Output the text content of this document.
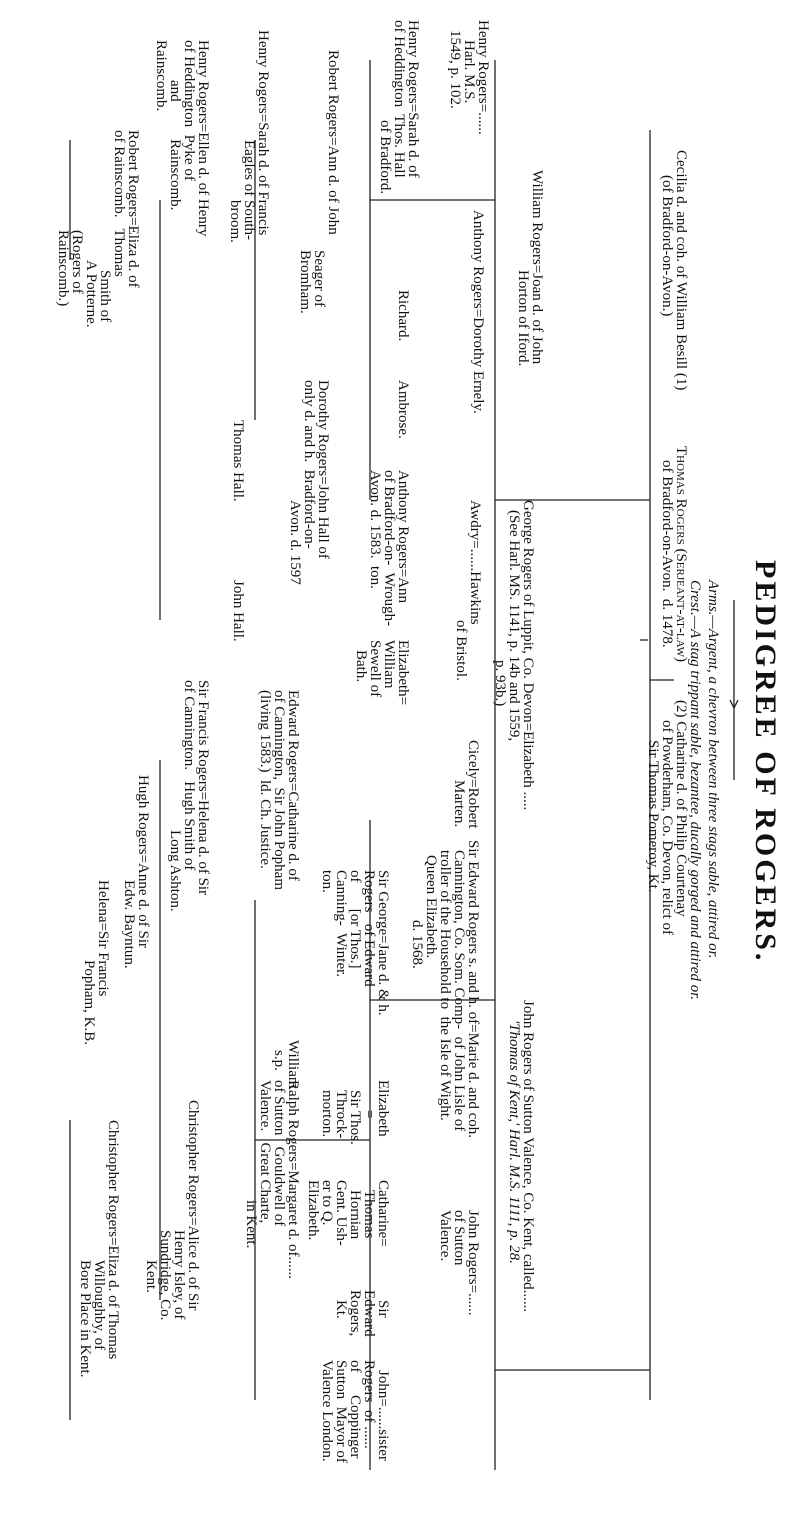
PEDIGREE OF ROGERS.
Arms.—Argent, a chevron between three stags sable, attired or.
Crest.—A stag trippant sable, bezantee, ducally gorged and attired or.
Cecilia d. and coh. of William Besill (1)
(of Bradford-on-Avon.)
Thomas Rogers (Serjeant-at-law)
of Bradford-on-Avon.  d. 1478.
(2) Catharine d. of Philip Courtenay
of Powderham, Co. Devon, relict of
Sir Thomas Pomeroy, Kt.
Henry Rogers=......
Harl. M.S.
1549, p. 102.
William Rogers=Joan d. of John
Horton of Iford.
Anthony Rogers=Dorothy Ernely.
Awdry=......Hawkins
of Bristol.	George Rogers of Luppit, Co. Devon=Elizabeth .....
(See Harl. MS. 1141, p. 14b and 1559,
p. 93b.)
John Rogers of Sutton Valence, Co. Kent, called......
'Thomas of Kent,' Harl. M.S. 1111, p. 28.
Henry Rogers=Sarah d. of
of Heddington  Thos. Hall
of Bradford.
Richard.
Ambrose.
Anthony Rogers=Ann
of Bradford-on-  Wrough-
Avon. d. 1583.  ton.
Elizabeth=
William
Sewell of
Bath.
Cicely=Robert
Marten.
Sir Edward Rogers s. and h. of=Marie d. and coh.
Cannington, Co. Som. Comp-  of John Lisle of
troller of the Household to  the Isle of Wight.
Queen Elizabeth.
d. 1568.
John Rogers=......
of Sutton
Valence.
Robert Rogers=Ann d. of John
Seager of
Bromham.
Dorothy Rogers=John Hall of
only d. and h.  Bradford-on-
Avon. d. 1597
Edward Rogers=Catharine d. of
of Cannington,  Sir John Popham
(living 1583.)  ld. Ch. Justice.
Sir George=Jane d. & h.
Rogers   of Edward
of       [or Thos.]
Canning-  Winter.
ton.
William
s.p.
Elizabeth
=
Sir Thos.
Throck-
morton.
Catharine=
Thomas
Hornian
Gent. Ush-
er to Q.
Elizabeth.
Sir
Edward
Rogers,
Kt.
John=......sister
Rogers  of ......
of      Coppinger
Sutton  Mayor of
Valence London.
Henry Rogers=Sarah d. of Francis
Eagles of South-
broom.
Thomas Hall.
John Hall.
Sir Francis Rogers=Helena d. of Sir
of Cannington.   Hugh Smith of
Long Ashton.
Ralph Rogers=Margaret d. of......
of Sutton   Gouldwell of
Valence.   Great Charte,
in Kent.
Henry Rogers=Ellen d. of Henry
of Heddington  Pyke of
and          Rainscomb.
Rainscomb.
Hugh Rogers=Anne d. of Sir
Edw. Bayntun.
Helena=Sir Francis
Popham, K.B.
Christopher Rogers=Alice d. of Sir
Henry Isley, of
Sundridge, Co.
Kent.
Robert Rogers=Eliza d. of
of Rainscomb.   Thomas
Smith of
A Potterne.
(Rogers of
Rainscomb.)
Christopher Rogers=Eliza d. of Thomas
Willoughby, of
Bore Place in Kent.
